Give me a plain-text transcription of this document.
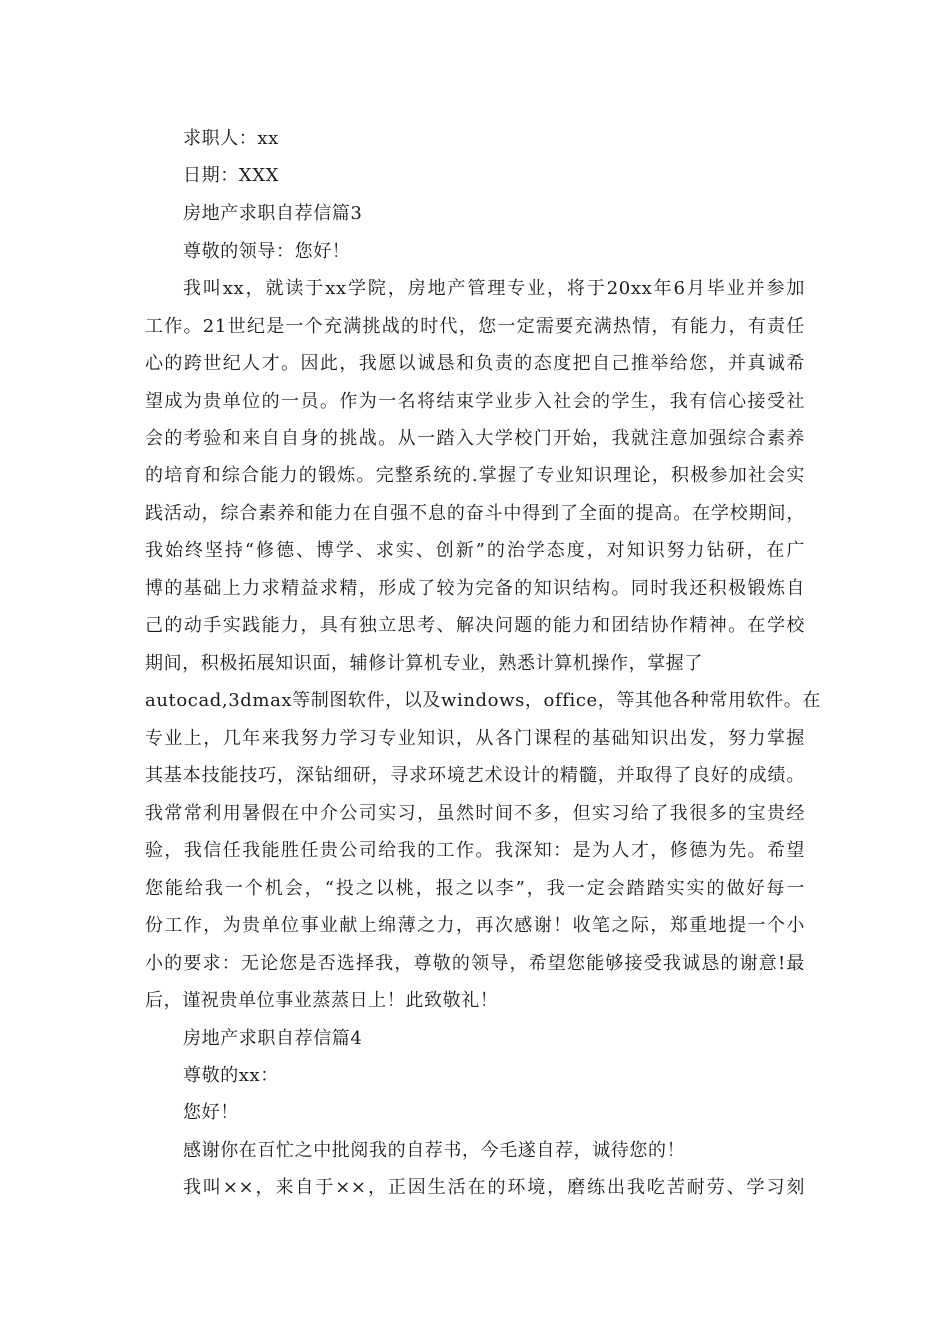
求职人：xx
日期：XXX
房地产求职自荐信篇3
尊敬的领导：您好！
我叫xx，就读于xx学院，房地产管理专业，将于20xx年6月毕业并参加
工作。21世纪是一个充满挑战的时代，您一定需要充满热情，有能力，有责任
心的跨世纪人才。因此，我愿以诚恳和负责的态度把自己推举给您，并真诚希
望成为贵单位的一员。作为一名将结束学业步入社会的学生，我有信心接受社
会的考验和来自自身的挑战。从一踏入大学校门开始，我就注意加强综合素养
的培育和综合能力的锻炼。完整系统的.掌握了专业知识理论，积极参加社会实
践活动，综合素养和能力在自强不息的奋斗中得到了全面的提高。在学校期间，
我始终坚持“修德、博学、求实、创新”的治学态度，对知识努力钻研，在广
博的基础上力求精益求精，形成了较为完备的知识结构。同时我还积极锻炼自
己的动手实践能力，具有独立思考、解决问题的能力和团结协作精神。在学校
期间，积极拓展知识面，辅修计算机专业，熟悉计算机操作，掌握了
autocad,3dmax等制图软件，以及windows，office，等其他各种常用软件。在
专业上，几年来我努力学习专业知识，从各门课程的基础知识出发，努力掌握
其基本技能技巧，深钻细研，寻求环境艺术设计的精髓，并取得了良好的成绩。
我常常利用暑假在中介公司实习，虽然时间不多，但实习给了我很多的宝贵经
验，我信任我能胜任贵公司给我的工作。我深知：是为人才，修德为先。希望
您能给我一个机会，“投之以桃，报之以李”，我一定会踏踏实实的做好每一
份工作，为贵单位事业献上绵薄之力，再次感谢！收笔之际，郑重地提一个小
小的要求：无论您是否选择我，尊敬的领导，希望您能够接受我诚恳的谢意!最
后，谨祝贵单位事业蒸蒸日上！此致敬礼！
房地产求职自荐信篇4
尊敬的xx：
您好！
感谢你在百忙之中批阅我的自荐书，今毛遂自荐，诚待您的！
我叫××，来自于××，正因生活在的环境，磨练出我吃苦耐劳、学习刻
